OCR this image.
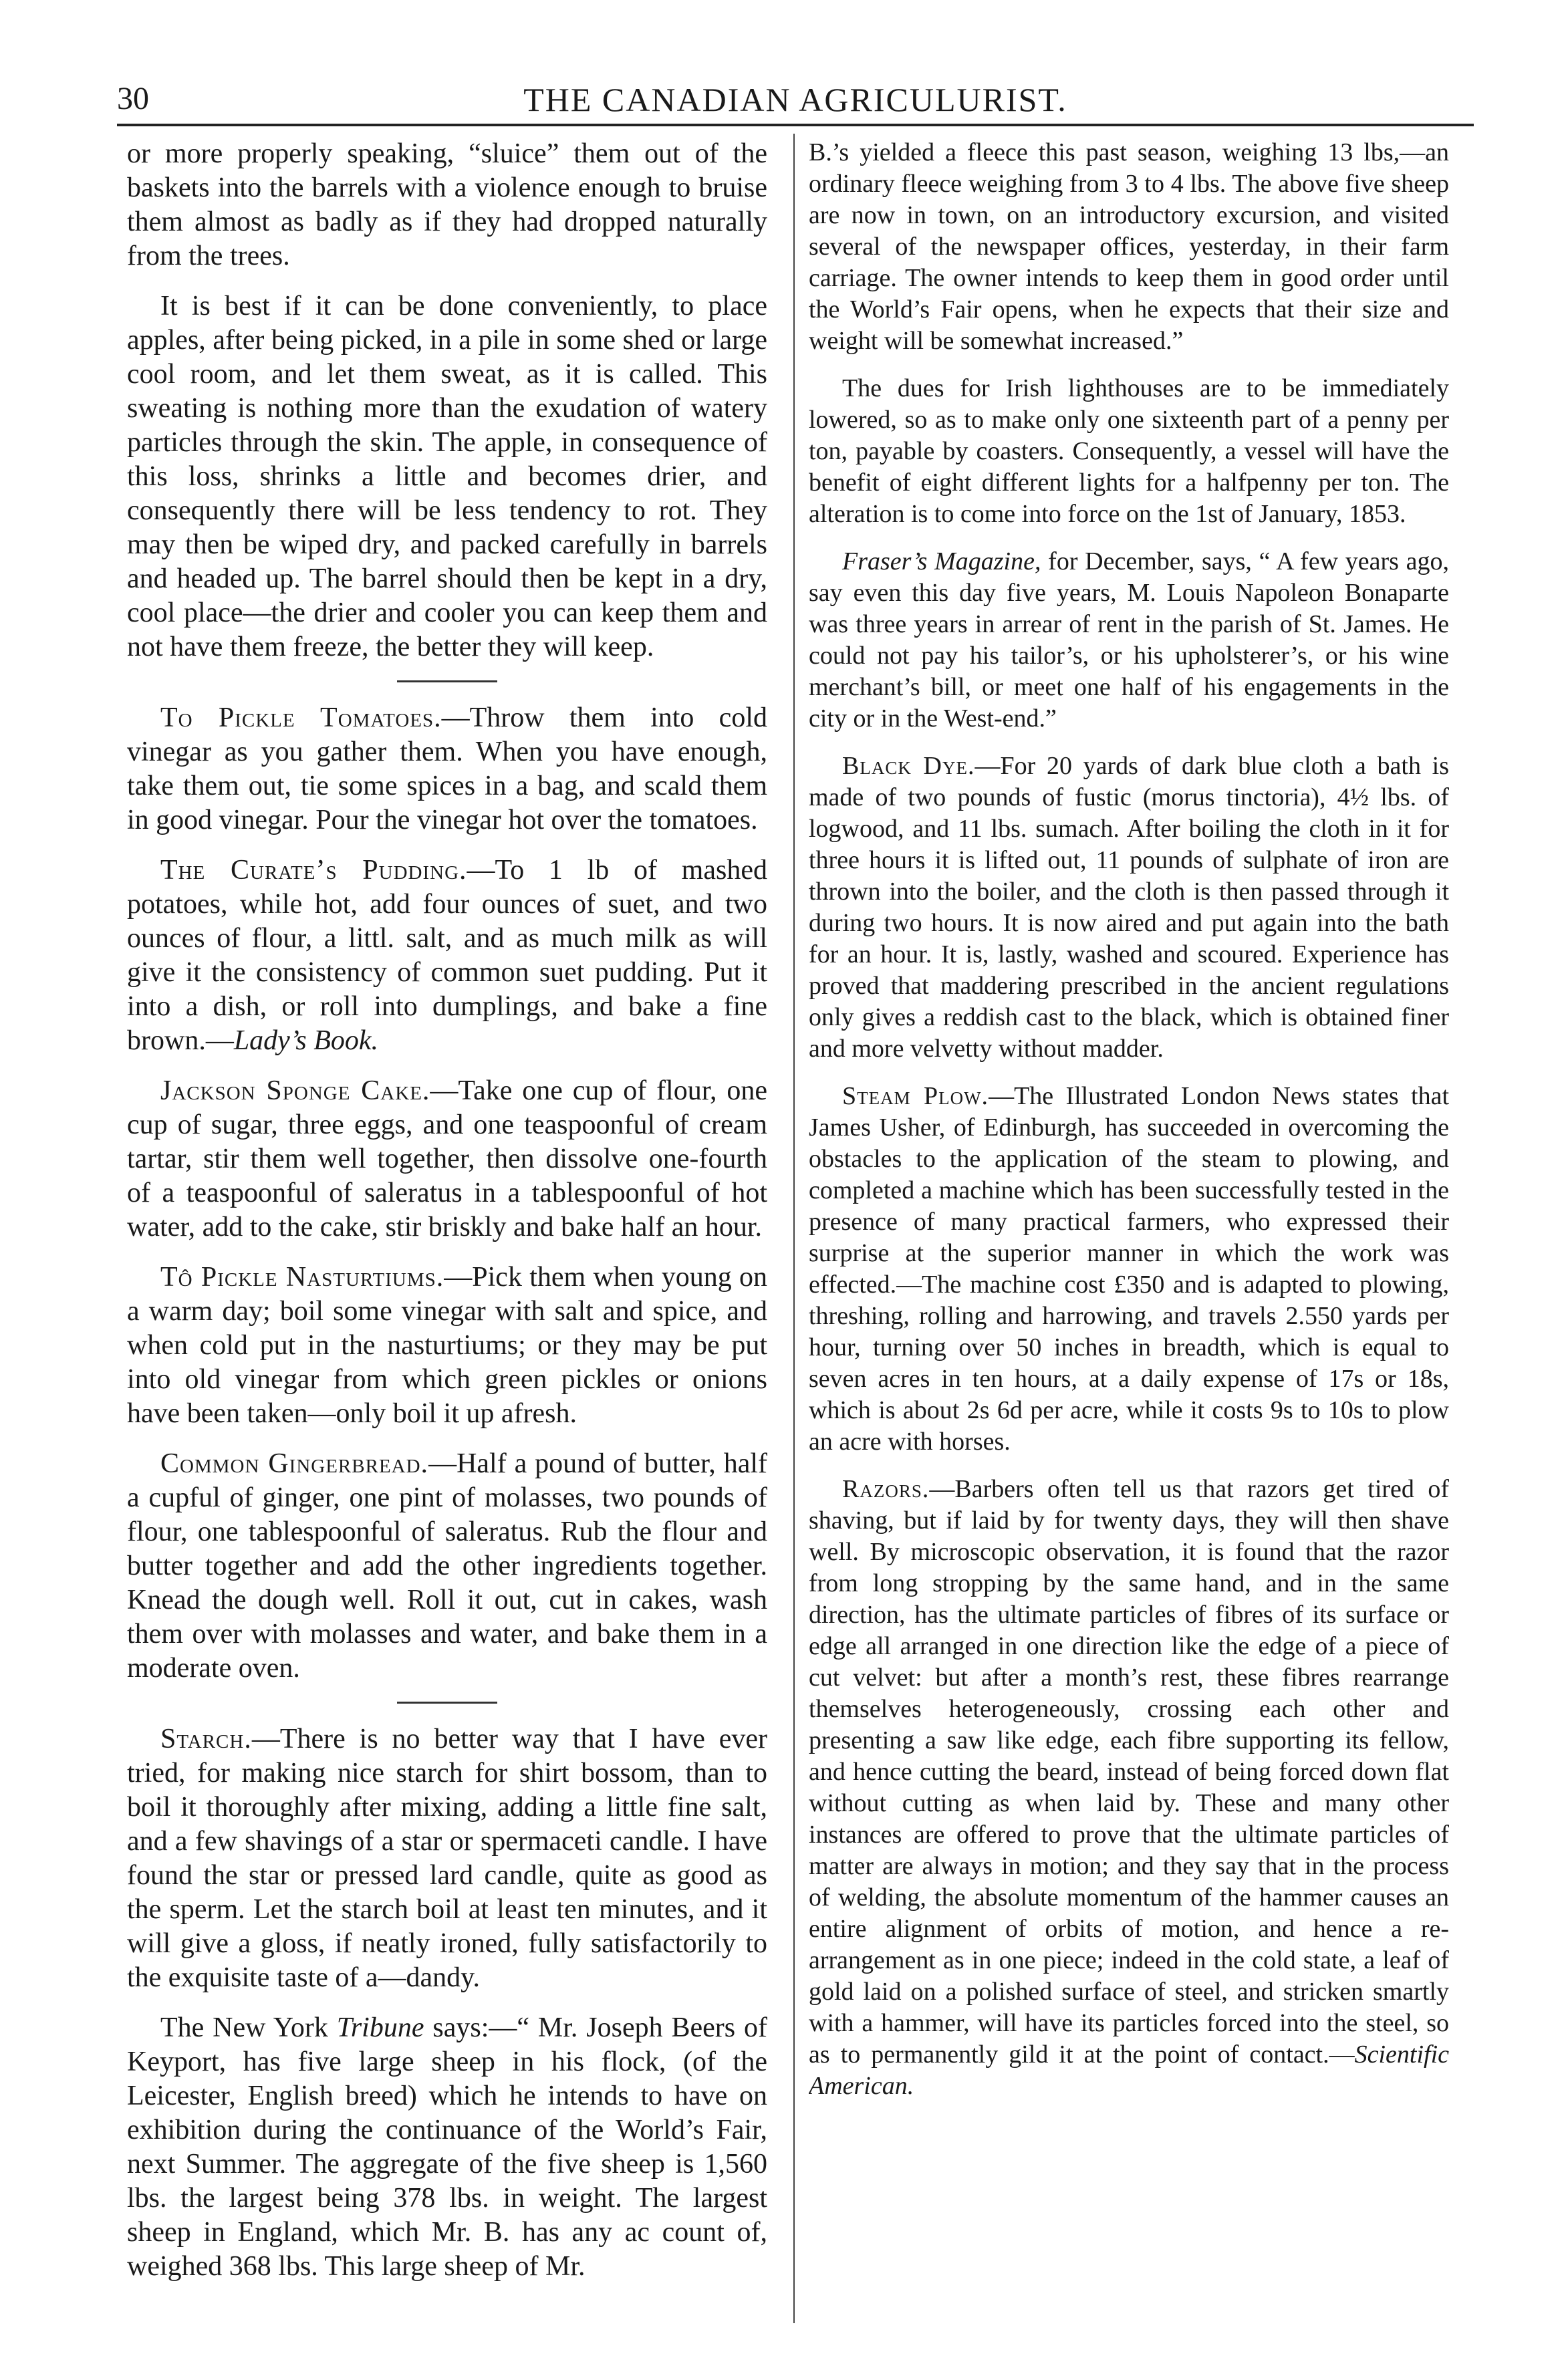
30	THE CANADIAN AGRICULURIST.

or more properly speaking, “sluice” them out of the baskets into the barrels with a violence enough to bruise them almost as badly as if they had dropped naturally from the trees.

It is best if it can be done conveniently, to place apples, after being picked, in a pile in some shed or large cool room, and let them sweat, as it is called. This sweating is nothing more than the exudation of watery particles through the skin. The apple, in consequence of this loss, shrinks a little and becomes drier, and consequently there will be less tendency to rot. They may then be wiped dry, and packed carefully in barrels and headed up. The barrel should then be kept in a dry, cool place—the drier and cooler you can keep them and not have them freeze, the better they will keep.

To Pickle Tomatoes.—Throw them into cold vinegar as you gather them. When you have enough, take them out, tie some spices in a bag, and scald them in good vinegar. Pour the vinegar hot over the tomatoes.

The Curate’s Pudding.—To 1 lb of mashed potatoes, while hot, add four ounces of suet, and two ounces of flour, a littl. salt, and as much milk as will give it the consistency of common suet pudding. Put it into a dish, or roll into dumplings, and bake a fine brown.—Lady’s Book.

Jackson Sponge Cake.—Take one cup of flour, one cup of sugar, three eggs, and one teaspoonful of cream tartar, stir them well together, then dissolve one-fourth of a teaspoonful of saleratus in a tablespoonful of hot water, add to the cake, stir briskly and bake half an hour.

Tô Pickle Nasturtiums.—Pick them when young on a warm day; boil some vinegar with salt and spice, and when cold put in the nasturtiums; or they may be put into old vinegar from which green pickles or onions have been taken—only boil it up afresh.

Common Gingerbread.—Half a pound of butter, half a cupful of ginger, one pint of molasses, two pounds of flour, one tablespoonful of saleratus. Rub the flour and butter together and add the other ingredients together. Knead the dough well. Roll it out, cut in cakes, wash them over with molasses and water, and bake them in a moderate oven.

Starch.—There is no better way that I have ever tried, for making nice starch for shirt bossom, than to boil it thoroughly after mixing, adding a little fine salt, and a few shavings of a star or spermaceti candle. I have found the star or pressed lard candle, quite as good as the sperm. Let the starch boil at least ten minutes, and it will give a gloss, if neatly ironed, fully satisfactorily to the exquisite taste of a—dandy.

The New York Tribune says:—“ Mr. Joseph Beers of Keyport, has five large sheep in his flock, (of the Leicester, English breed) which he intends to have on exhibition during the continuance of the World’s Fair, next Summer. The aggregate of the five sheep is 1,560 lbs. the largest being 378 lbs. in weight. The largest sheep in England, which Mr. B. has any ac count of, weighed 368 lbs. This large sheep of Mr.

B.’s yielded a fleece this past season, weighing 13 lbs,—an ordinary fleece weighing from 3 to 4 lbs. The above five sheep are now in town, on an introductory excursion, and visited several of the newspaper offices, yesterday, in their farm carriage. The owner intends to keep them in good order until the World’s Fair opens, when he expects that their size and weight will be somewhat increased.”

The dues for Irish lighthouses are to be immediately lowered, so as to make only one sixteenth part of a penny per ton, payable by coasters. Consequently, a vessel will have the benefit of eight different lights for a halfpenny per ton. The alteration is to come into force on the 1st of January, 1853.

Fraser’s Magazine, for December, says, “ A few years ago, say even this day five years, M. Louis Napoleon Bonaparte was three years in arrear of rent in the parish of St. James. He could not pay his tailor’s, or his upholsterer’s, or his wine merchant’s bill, or meet one half of his engagements in the city or in the West-end.”

Black Dye.—For 20 yards of dark blue cloth a bath is made of two pounds of fustic (morus tinctoria), 4½ lbs. of logwood, and 11 lbs. sumach. After boiling the cloth in it for three hours it is lifted out, 11 pounds of sulphate of iron are thrown into the boiler, and the cloth is then passed through it during two hours. It is now aired and put again into the bath for an hour. It is, lastly, washed and scoured. Experience has proved that maddering prescribed in the ancient regulations only gives a reddish cast to the black, which is obtained finer and more velvetty without madder.

Steam Plow.—The Illustrated London News states that James Usher, of Edinburgh, has succeeded in overcoming the obstacles to the application of the steam to plowing, and completed a machine which has been successfully tested in the presence of many practical farmers, who expressed their surprise at the superior manner in which the work was effected.—The machine cost £350 and is adapted to plowing, threshing, rolling and harrowing, and travels 2.550 yards per hour, turning over 50 inches in breadth, which is equal to seven acres in ten hours, at a daily expense of 17s or 18s, which is about 2s 6d per acre, while it costs 9s to 10s to plow an acre with horses.

Razors.—Barbers often tell us that razors get tired of shaving, but if laid by for twenty days, they will then shave well. By microscopic observation, it is found that the razor from long stropping by the same hand, and in the same direction, has the ultimate particles of fibres of its surface or edge all arranged in one direction like the edge of a piece of cut velvet: but after a month’s rest, these fibres rearrange themselves heterogeneously, crossing each other and presenting a saw like edge, each fibre supporting its fellow, and hence cutting the beard, instead of being forced down flat without cutting as when laid by. These and many other instances are offered to prove that the ultimate particles of matter are always in motion; and they say that in the process of welding, the absolute momentum of the hammer causes an entire alignment of orbits of motion, and hence a re-arrangement as in one piece; indeed in the cold state, a leaf of gold laid on a polished surface of steel, and stricken smartly with a hammer, will have its particles forced into the steel, so as to permanently gild it at the point of contact.—Scientific American.
